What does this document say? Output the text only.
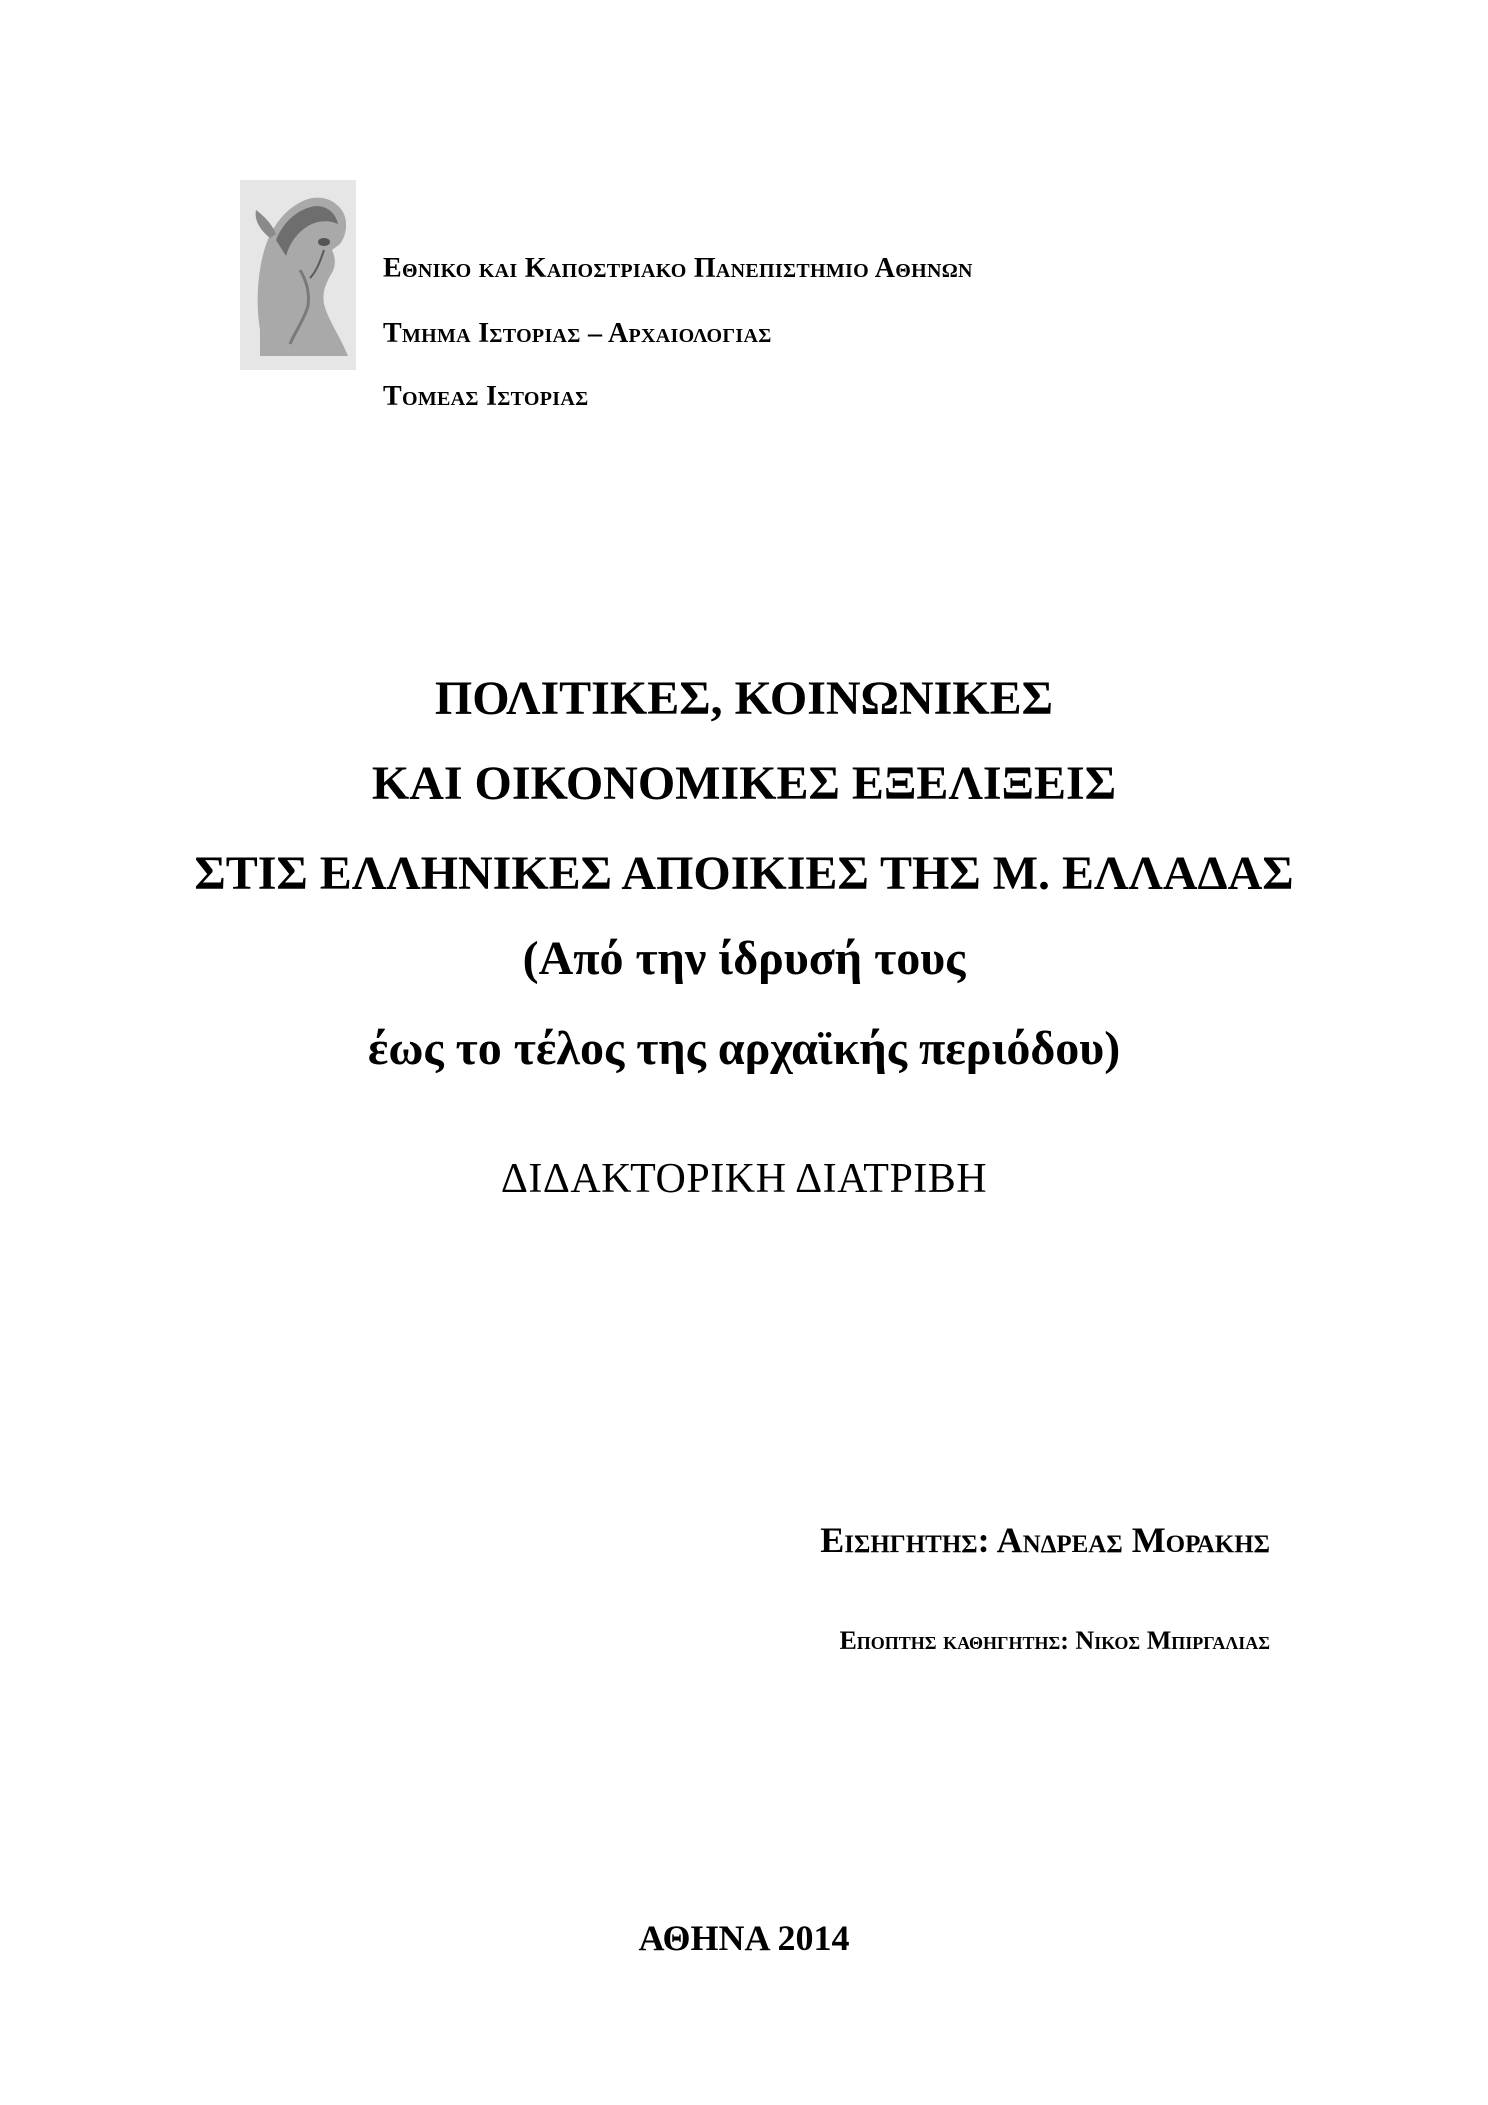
Εθνικο και Καποστριακο Πανεπιστημιο Αθηνων
Τμημα Ιστοριας – Αρχαιολογιας
Τομεας Ιστοριας
ΠΟΛΙΤΙΚΕΣ, ΚΟΙΝΩΝΙΚΕΣ
ΚΑΙ ΟΙΚΟΝΟΜΙΚΕΣ ΕΞΕΛΙΞΕΙΣ
ΣΤΙΣ ΕΛΛΗΝΙΚΕΣ ΑΠΟΙΚΙΕΣ ΤΗΣ Μ. ΕΛΛΑΔΑΣ
(Από την ίδρυσή τους
έως το τέλος της αρχαϊκής περιόδου)
ΔΙΔΑΚΤΟΡΙΚΗ ΔΙΑΤΡΙΒΗ
Εισηγητης: Ανδρεας Μορακης
Εποπτης καθηγητης: Νικος Μπιργαλιας
ΑΘΗΝΑ 2014
